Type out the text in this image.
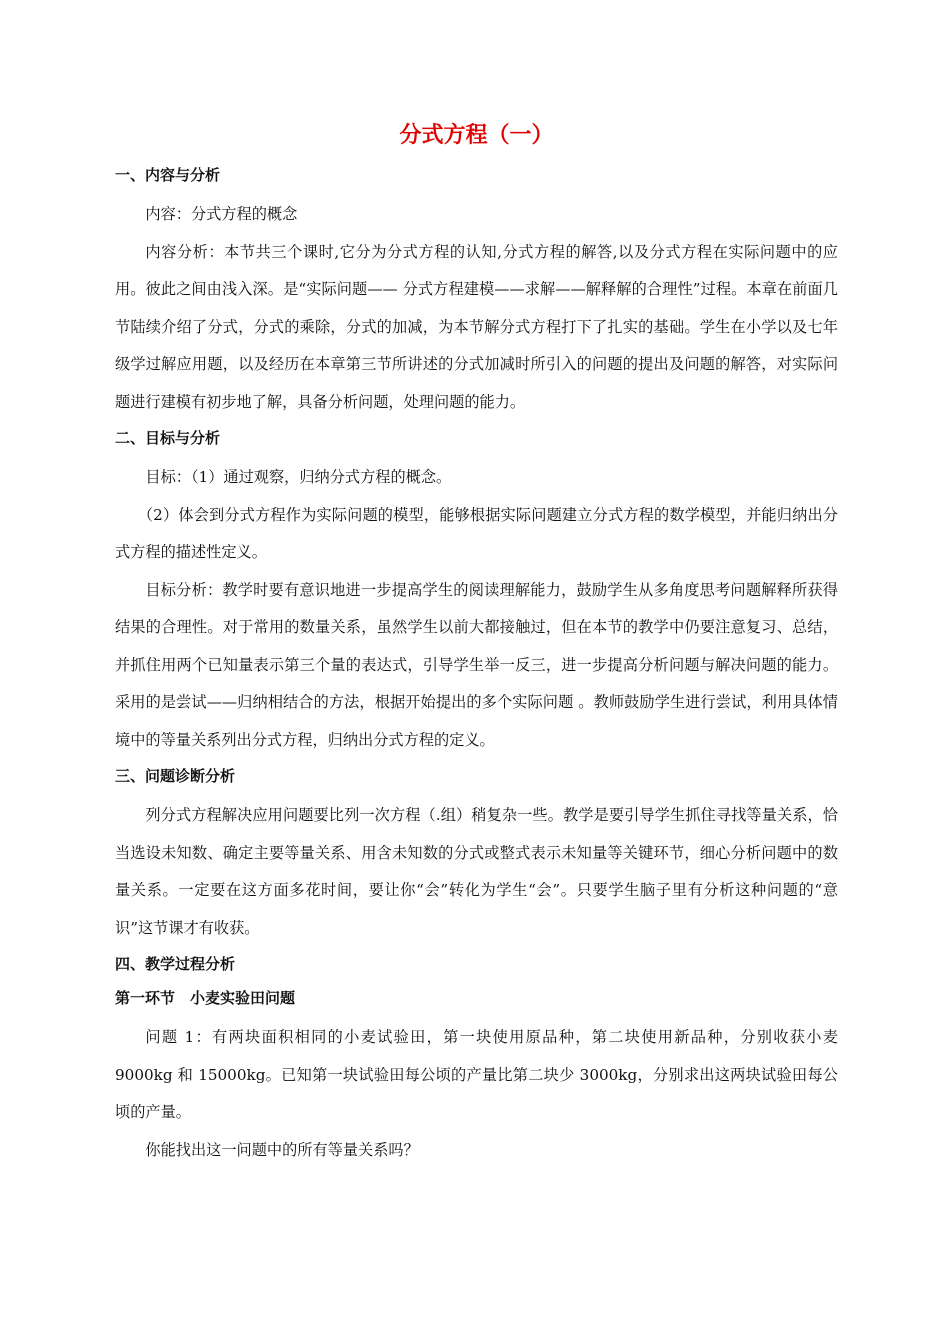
分式方程（一）
一、内容与分析

内容：分式方程的概念

内容分析：本节共三个课时,它分为分式方程的认知,分式方程的解答,以及分式方程在实际问题中的应用。彼此之间由浅入深。是“实际问题—— 分式方程建模——求解——解释解的合理性”过程。本章在前面几节陆续介绍了分式，分式的乘除，分式的加减，为本节解分式方程打下了扎实的基础。学生在小学以及七年级学过解应用题，以及经历在本章第三节所讲述的分式加减时所引入的问题的提出及问题的解答，对实际问题进行建模有初步地了解，具备分析问题，处理问题的能力。

二、目标与分析

目标：（1）通过观察，归纳分式方程的概念。

（2）体会到分式方程作为实际问题的模型，能够根据实际问题建立分式方程的数学模型，并能归纳出分式方程的描述性定义。

目标分析：教学时要有意识地进一步提高学生的阅读理解能力，鼓励学生从多角度思考问题解释所获得结果的合理性。对于常用的数量关系，虽然学生以前大都接触过，但在本节的教学中仍要注意复习、总结，并抓住用两个已知量表示第三个量的表达式，引导学生举一反三，进一步提高分析问题与解决问题的能力。采用的是尝试——归纳相结合的方法，根据开始提出的多个实际问题 。教师鼓励学生进行尝试，利用具体情境中的等量关系列出分式方程，归纳出分式方程的定义。

三、问题诊断分析

列分式方程解决应用问题要比列一次方程（.组）稍复杂一些。教学是要引导学生抓住寻找等量关系，恰当选设未知数、确定主要等量关系、用含未知数的分式或整式表示未知量等关键环节，细心分析问题中的数量关系。一定要在这方面多花时间，要让你“会”转化为学生“会”。只要学生脑子里有分析这种问题的“意识”这节课才有收获。

四、教学过程分析
第一环节　小麦实验田问题

问题 1：有两块面积相同的小麦试验田，第一块使用原品种，第二块使用新品种，分别收获小麦 9000kg 和 15000kg。已知第一块试验田每公顷的产量比第二块少 3000kg，分别求出这两块试验田每公顷的产量。

你能找出这一问题中的所有等量关系吗？
